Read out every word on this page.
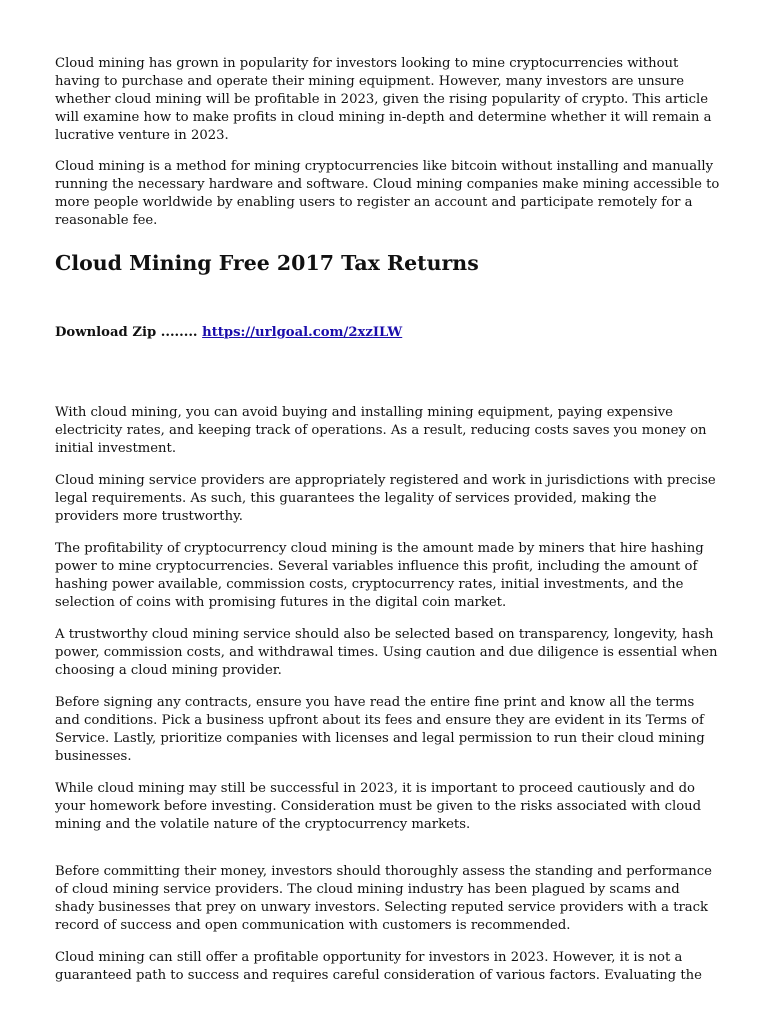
Cloud mining has grown in popularity for investors looking to mine cryptocurrencies without having to purchase and operate their mining equipment. However, many investors are unsure whether cloud mining will be profitable in 2023, given the rising popularity of crypto. This article will examine how to make profits in cloud mining in-depth and determine whether it will remain a lucrative venture in 2023.

Cloud mining is a method for mining cryptocurrencies like bitcoin without installing and manually running the necessary hardware and software. Cloud mining companies make mining accessible to more people worldwide by enabling users to register an account and participate remotely for a reasonable fee.

Cloud Mining Free 2017 Tax Returns
Download Zip ........ https://urlgoal.com/2xzILW

With cloud mining, you can avoid buying and installing mining equipment, paying expensive electricity rates, and keeping track of operations. As a result, reducing costs saves you money on initial investment.

Cloud mining service providers are appropriately registered and work in jurisdictions with precise legal requirements. As such, this guarantees the legality of services provided, making the providers more trustworthy.

The profitability of cryptocurrency cloud mining is the amount made by miners that hire hashing power to mine cryptocurrencies. Several variables influence this profit, including the amount of hashing power available, commission costs, cryptocurrency rates, initial investments, and the selection of coins with promising futures in the digital coin market.

A trustworthy cloud mining service should also be selected based on transparency, longevity, hash power, commission costs, and withdrawal times. Using caution and due diligence is essential when choosing a cloud mining provider.

Before signing any contracts, ensure you have read the entire fine print and know all the terms and conditions. Pick a business upfront about its fees and ensure they are evident in its Terms of Service. Lastly, prioritize companies with licenses and legal permission to run their cloud mining businesses.

While cloud mining may still be successful in 2023, it is important to proceed cautiously and do your homework before investing. Consideration must be given to the risks associated with cloud mining and the volatile nature of the cryptocurrency markets.

Before committing their money, investors should thoroughly assess the standing and performance of cloud mining service providers. The cloud mining industry has been plagued by scams and shady businesses that prey on unwary investors. Selecting reputed service providers with a track record of success and open communication with customers is recommended.

Cloud mining can still offer a profitable opportunity for investors in 2023. However, it is not a guaranteed path to success and requires careful consideration of various factors. Evaluating the
